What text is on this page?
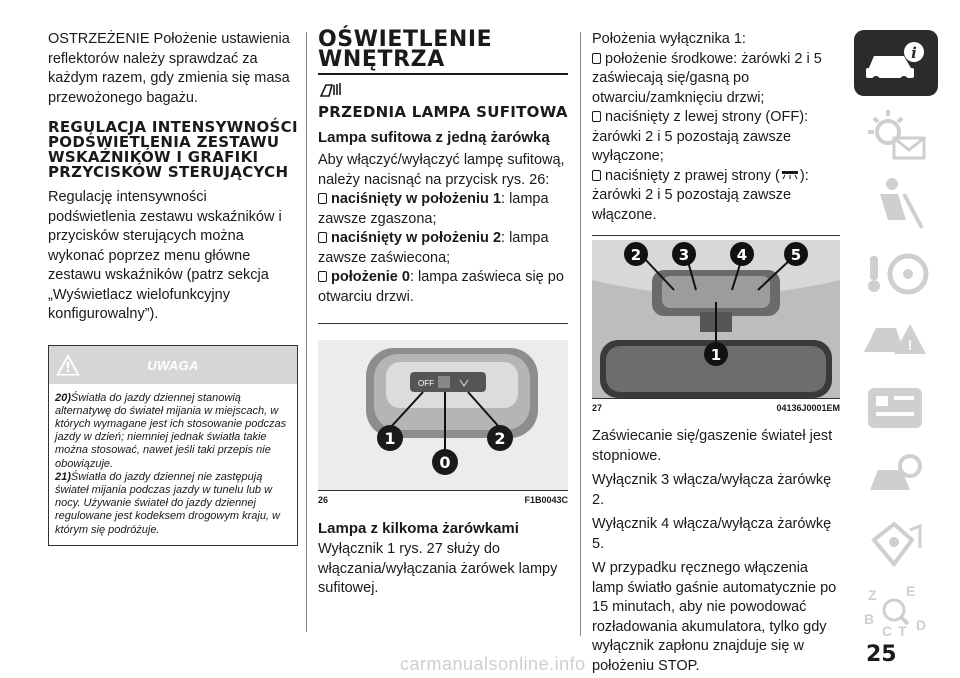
OSTRZEŻENIE Położenie ustawienia reflektorów należy sprawdzać za każdym razem, gdy zmienia się masa przewożonego bagażu.

REGULACJA INTENSYWNOŚCI PODŚWIETLENIA ZESTAWU WSKAŹNIKÓW I GRAFIKI PRZYCISKÓW STERUJĄCYCH

Regulację intensywności podświetlenia zestawu wskaźników i przycisków sterujących można wykonać poprzez menu główne zestawu wskaźników (patrz sekcja „Wyświetlacz wielofunkcyjny konfigurowalny”).

!	UWAGA

20)Światła do jazdy dziennej stanowią alternatywę do świateł mijania w miejscach, w których wymagane jest ich stosowanie podczas jazdy w dzień; niemniej jednak światła takie można stosować, nawet jeśli taki przepis nie obowiązuje.

21)Światła do jazdy dziennej nie zastępują świateł mijania podczas jazdy w tunelu lub w nocy. Używanie świateł do jazdy dziennej regulowane jest kodeksem drogowym kraju, w którym się podróżuje.

OŚWIETLENIE WNĘTRZA

PRZEDNIA LAMPA SUFITOWA

Lampa sufitowa z jedną żarówką

Aby włączyć/wyłączyć lampę sufitową, należy nacisnąć na przycisk rys. 26:

naciśnięty w położeniu 1: lampa zawsze zgaszona;

naciśnięty w położeniu 2: lampa zawsze zaświecona;

położenie 0: lampa zaświeca się po otwarciu drzwi.

OFF
1	2
0
26	F1B0043C

Lampa z kilkoma żarówkami

Wyłącznik 1 rys. 27 służy do włączania/wyłączania żarówek lampy sufitowej.

Położenia wyłącznika 1:

położenie środkowe: żarówki 2 i 5 zaświecają się/gasną po otwarciu/zamknięciu drzwi;

naciśnięty z lewej strony (OFF): żarówki 2 i 5 pozostają zawsze wyłączone;

naciśnięty z prawej strony ( ): żarówki 2 i 5 pozostają zawsze włączone.

2	3	4	5
1
27	04136J0001EM

Zaświecanie się/gaszenie świateł jest stopniowe.

Wyłącznik 3 włącza/wyłącza żarówkę 2.

Wyłącznik 4 włącza/wyłącza żarówkę 5.

W przypadku ręcznego włączenia lamp światło gaśnie automatycznie po 15 minutach, aby nie powodować rozładowania akumulatora, tylko gdy wyłącznik zapłonu znajduje się w położeniu STOP.

i
!
Z E
B
C T D
25
carmanualsonline.info
